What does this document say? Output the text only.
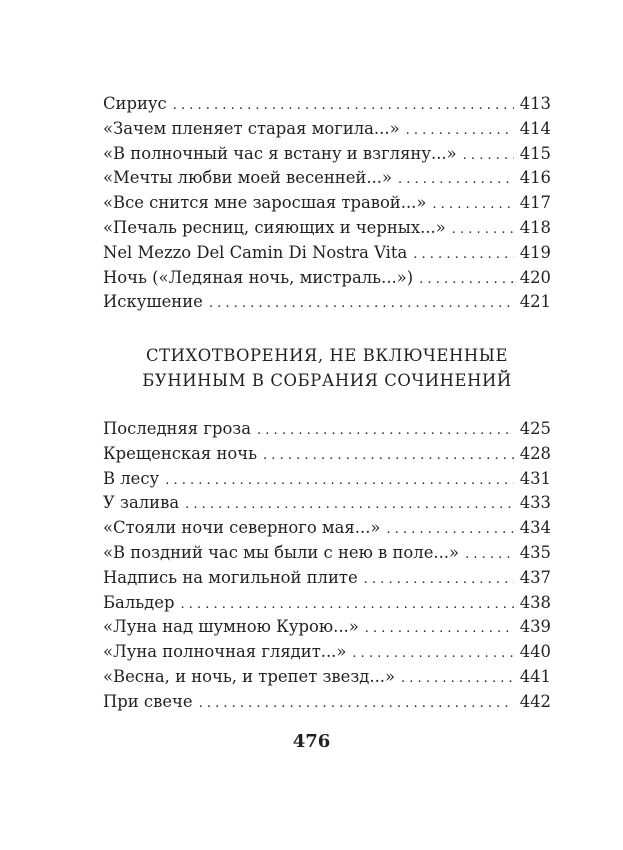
Сириус . . .	413
«Зачем пленяет старая могила...» . . .	414
«В полночный час я встану и взгляну...» . . .	415
«Мечты любви моей весенней...» . . .	416
«Все снится мне заросшая травой...» . . .	417
«Печаль ресниц, сияющих и черных...» . . .	418
Nel Mezzo Del Camin Di Nostra Vita . . .	419
Ночь («Ледяная ночь, мистраль...») . . .	420
Искушение . . .	421
СТИХОТВОРЕНИЯ, НЕ ВКЛЮЧЕННЫЕ
БУНИНЫМ В СОБРАНИЯ СОЧИНЕНИЙ
Последняя гроза . . .	425
Крещенская ночь . . .	428
В лесу . . .	431
У залива . . .	433
«Стояли ночи северного мая...» . . .	434
«В поздний час мы были с нею в поле...» . . .	435
Надпись на могильной плите . . .	437
Бальдер . . .	438
«Луна над шумною Курою...» . . .	439
«Луна полночная глядит...» . . .	440
«Весна, и ночь, и трепет звезд...» . . .	441
При свече . . .	442
476
